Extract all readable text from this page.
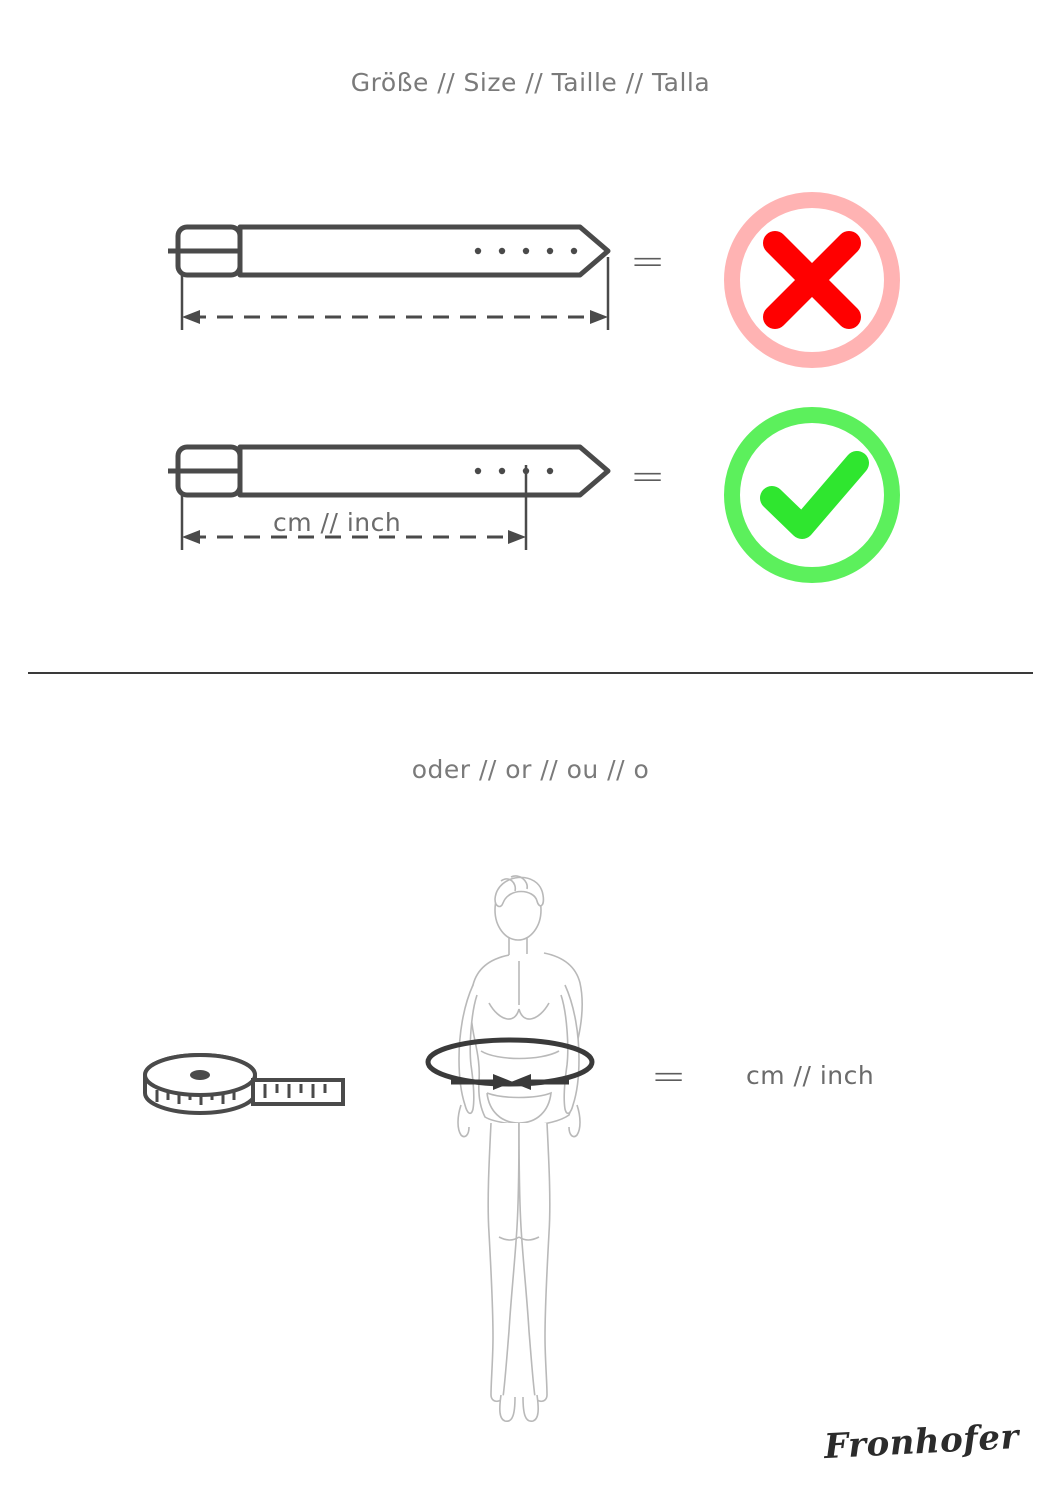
Größe // Size // Taille // Talla
=
cm // inch
=
oder // or // ou // o
= cm // inch
Fronhofer
